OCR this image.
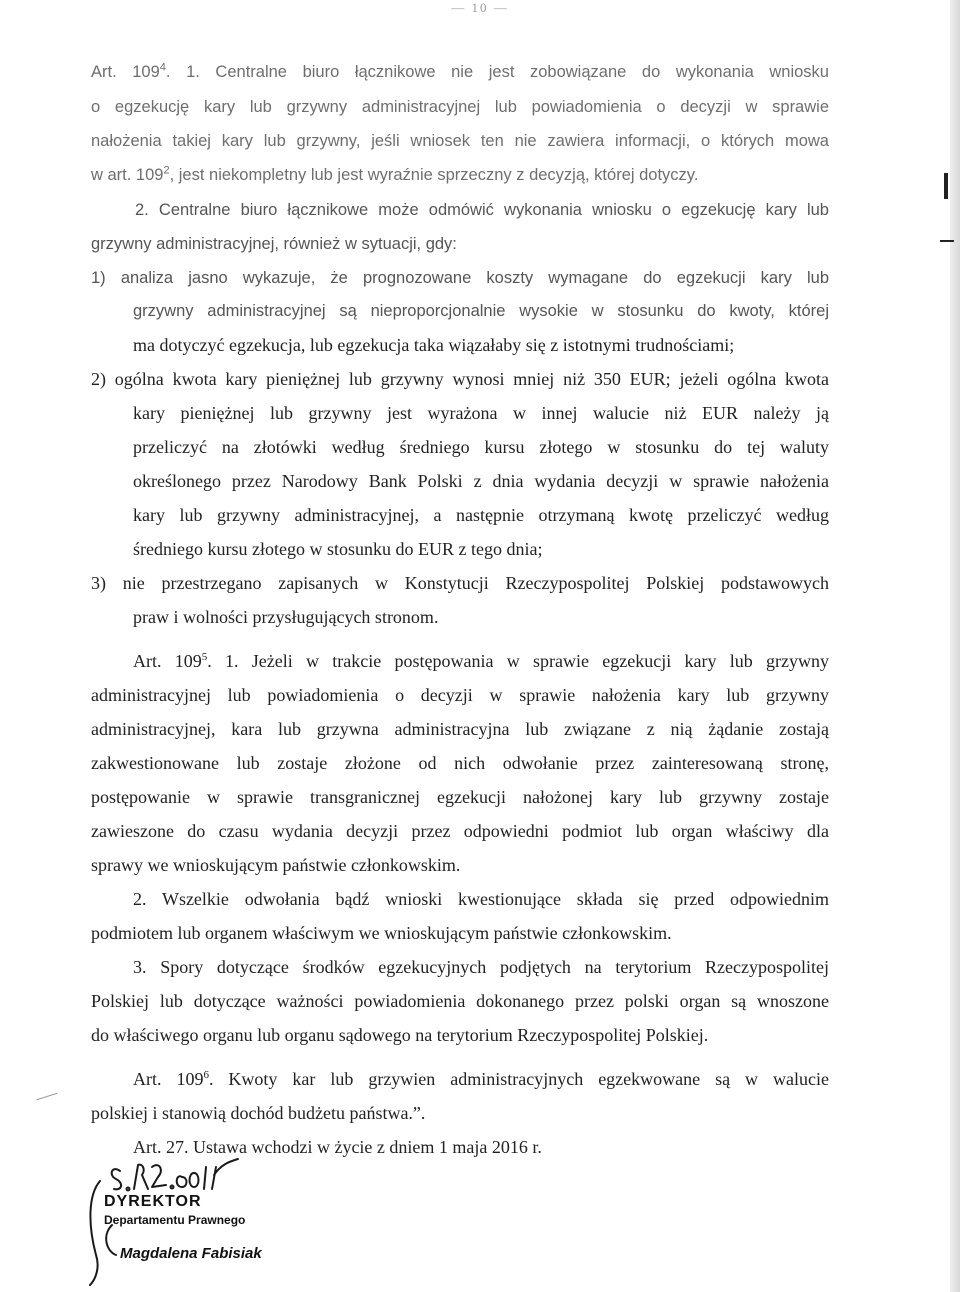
— 10 —
Art. $109^4$. 1. Centralne biuro łącznikowe nie jest zobowiązane do wykonania wniosku
o egzekucję kary lub grzywny administracyjnej lub powiadomienia o decyzji w sprawie
nałożenia takiej kary lub grzywny, jeśli wniosek ten nie zawiera informacji, o których mowa
w art. $109^2$, jest niekompletny lub jest wyraźnie sprzeczny z decyzją, której dotyczy.
2. Centralne biuro łącznikowe może odmówić wykonania wniosku o egzekucję kary lub
grzywny administracyjnej, również w sytuacji, gdy:
1) analiza jasno wykazuje, że prognozowane koszty wymagane do egzekucji kary lub
grzywny administracyjnej są nieproporcjonalnie wysokie w stosunku do kwoty, której
ma dotyczyć egzekucja, lub egzekucja taka wiązałaby się z istotnymi trudnościami;
2) ogólna kwota kary pieniężnej lub grzywny wynosi mniej niż 350 EUR; jeżeli ogólna kwota
kary pieniężnej lub grzywny jest wyrażona w innej walucie niż EUR należy ją
przeliczyć na złotówki według średniego kursu złotego w stosunku do tej waluty
określonego przez Narodowy Bank Polski z dnia wydania decyzji w sprawie nałożenia
kary lub grzywny administracyjnej, a następnie otrzymaną kwotę przeliczyć według
średniego kursu złotego w stosunku do EUR z tego dnia;
3) nie przestrzegano zapisanych w Konstytucji Rzeczypospolitej Polskiej podstawowych
praw i wolności przysługujących stronom.
Art. $109^5$. 1. Jeżeli w trakcie postępowania w sprawie egzekucji kary lub grzywny
administracyjnej lub powiadomienia o decyzji w sprawie nałożenia kary lub grzywny
administracyjnej, kara lub grzywna administracyjna lub związane z nią żądanie zostają
zakwestionowane lub zostaje złożone od nich odwołanie przez zainteresowaną stronę,
postępowanie w sprawie transgranicznej egzekucji nałożonej kary lub grzywny zostaje
zawieszone do czasu wydania decyzji przez odpowiedni podmiot lub organ właściwy dla
sprawy we wnioskującym państwie członkowskim.
2. Wszelkie odwołania bądź wnioski kwestionujące składa się przed odpowiednim
podmiotem lub organem właściwym we wnioskującym państwie członkowskim.
3. Spory dotyczące środków egzekucyjnych podjętych na terytorium Rzeczypospolitej
Polskiej lub dotyczące ważności powiadomienia dokonanego przez polski organ są wnoszone
do właściwego organu lub organu sądowego na terytorium Rzeczypospolitej Polskiej.
Art. $109^6$. Kwoty kar lub grzywien administracyjnych egzekwowane są w walucie
polskiej i stanowią dochód budżetu państwa.”.
Art. 27. Ustawa wchodzi w życie z dniem 1 maja 2016 r.
DYREKTOR
Departamentu Prawnego
Magdalena Fabisiak
